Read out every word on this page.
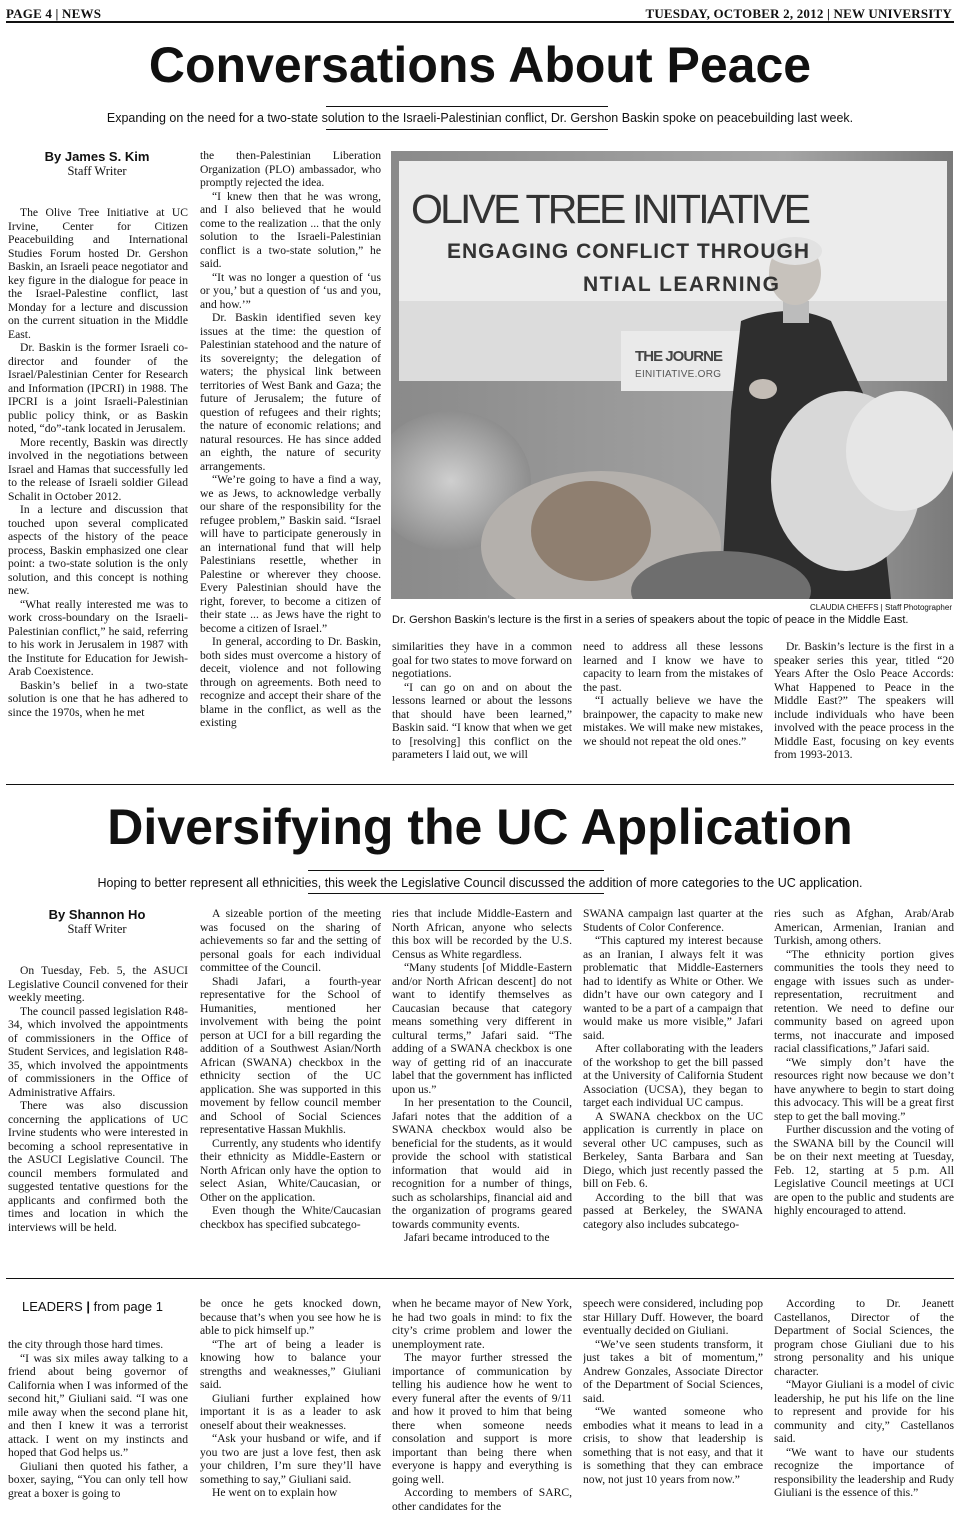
PAGE 4 | NEWS	TUESDAY, OCTOBER 2, 2012 | NEW UNIVERSITY
Conversations About Peace
Expanding on the need for a two-state solution to the Israeli-Palestinian conflict, Dr. Gershon Baskin spoke on peacebuilding last week.
By James S. Kim
Staff Writer

The Olive Tree Initiative at UC Irvine, Center for Citizen Peacebuilding and International Studies Forum hosted Dr. Gershon Baskin, an Israeli peace negotiator and key figure in the dialogue for peace in the Israel-Palestine conflict, last Monday for a lecture and discussion on the current situation in the Middle East.

Dr. Baskin is the former Israeli co-director and founder of the Israel/Palestinian Center for Research and Information (IPCRI) in 1988. The IPCRI is a joint Israeli-Palestinian public policy think, or as Baskin noted, “do”-tank located in Jerusalem.

More recently, Baskin was directly involved in the negotiations between Israel and Hamas that successfully led to the release of Israeli soldier Gilead Schalit in October 2012.

In a lecture and discussion that touched upon several complicated aspects of the history of the peace process, Baskin emphasized one clear point: a two-state solution is the only solution, and this concept is nothing new.

“What really interested me was to work cross-boundary on the Israeli-Palestinian conflict,” he said, referring to his work in Jerusalem in 1987 with the Institute for Education for Jewish-Arab Coexistence.

Baskin’s belief in a two-state solution is one that he has adhered to since the 1970s, when he met

the then-Palestinian Liberation Organization (PLO) ambassador, who promptly rejected the idea.

“I knew then that he was wrong, and I also believed that he would come to the realization ... that the only solution to the Israeli-Palestinian conflict is a two-state solution,” he said.

“It was no longer a question of ‘us or you,’ but a question of ‘us and you, and how.’”

Dr. Baskin identified seven key issues at the time: the question of Palestinian statehood and the nature of its sovereignty; the delegation of waters; the physical link between territories of West Bank and Gaza; the future of Jerusalem; the future of question of refugees and their rights; the nature of economic relations; and natural resources. He has since added an eighth, the nature of security arrangements.

“We’re going to have a find a way, we as Jews, to acknowledge verbally our share of the responsibility for the refugee problem,” Baskin said. “Israel will have to participate generously in an international fund that will help Palestinians resettle, whether in Palestine or wherever they choose. Every Palestinian should have the right, forever, to become a citizen of their state ... as Jews have the right to become a citizen of Israel.”

In general, according to Dr. Baskin, both sides must overcome a history of deceit, violence and not following through on agreements. Both need to recognize and accept their share of the blame in the conflict, as well as the existing

OLIVE TREE INITIATIVE
ENGAGING CONFLICT THROUGH
NTIAL LEARNING
THE JOURNE
EINITIATIVE.ORG
CLAUDIA CHEFFS | Staff Photographer
Dr. Gershon Baskin’s lecture is the first in a series of speakers about the topic of peace in the Middle East.

similarities they have in a common goal for two states to move forward on negotiations.

“I can go on and on about the lessons learned or about the lessons that should have been learned,” Baskin said. “I know that when we get to [resolving] this conflict on the parameters I laid out, we will

need to address all these lessons learned and I know we have to capacity to learn from the mistakes of the past.

“I actually believe we have the brainpower, the capacity to make new mistakes. We will make new mistakes, we should not repeat the old ones.”

Dr. Baskin’s lecture is the first in a speaker series this year, titled “20 Years After the Oslo Peace Accords: What Happened to Peace in the Middle East?” The speakers will include individuals who have been involved with the peace process in the Middle East, focusing on key events from 1993-2013.

Diversifying the UC Application
Hoping to better represent all ethnicities, this week the Legislative Council discussed the addition of more categories to the UC application.
By Shannon Ho
Staff Writer

On Tuesday, Feb. 5, the ASUCI Legislative Council convened for their weekly meeting.

The council passed legislation R48-34, which involved the appointments of commissioners in the Office of Student Services, and legislation R48-35, which involved the appointments of commissioners in the Office of Administrative Affairs.

There was also discussion concerning the applications of UC Irvine students who were interested in becoming a school representative in the ASUCI Legislative Council. The council members formulated and suggested tentative questions for the applicants and confirmed both the times and location in which the interviews will be held.

A sizeable portion of the meeting was focused on the sharing of achievements so far and the setting of personal goals for each individual committee of the Council.

Shadi Jafari, a fourth-year representative for the School of Humanities, mentioned her involvement with being the point person at UCI for a bill regarding the addition of a Southwest Asian/North African (SWANA) checkbox in the ethnicity section of the UC application. She was supported in this movement by fellow council member and School of Social Sciences representative Hassan Mukhlis.

Currently, any students who identify their ethnicity as Middle-Eastern or North African only have the option to select Asian, White/Caucasian, or Other on the application.

Even though the White/Caucasian checkbox has specified subcatego-

ries that include Middle-Eastern and North African, anyone who selects this box will be recorded by the U.S. Census as White regardless.

“Many students [of Middle-Eastern and/or North African descent] do not want to identify themselves as Caucasian because that category means something very different in cultural terms,” Jafari said. “The adding of a SWANA checkbox is one way of getting rid of an inaccurate label that the government has inflicted upon us.”

In her presentation to the Council, Jafari notes that the addition of a SWANA checkbox would also be beneficial for the students, as it would provide the school with statistical information that would aid in recognition for a number of things, such as scholarships, financial aid and the organization of programs geared towards community events.

Jafari became introduced to the

SWANA campaign last quarter at the Students of Color Conference.

“This captured my interest because as an Iranian, I always felt it was problematic that Middle-Easterners had to identify as White or Other. We didn’t have our own category and I wanted to be a part of a campaign that would make us more visible,” Jafari said.

After collaborating with the leaders of the workshop to get the bill passed at the University of California Student Association (UCSA), they began to target each individual UC campus.

A SWANA checkbox on the UC application is currently in place on several other UC campuses, such as Berkeley, Santa Barbara and San Diego, which just recently passed the bill on Feb. 6.

According to the bill that was passed at Berkeley, the SWANA category also includes subcatego-

ries such as Afghan, Arab/Arab American, Armenian, Iranian and Turkish, among others.

“The ethnicity portion gives communities the tools they need to engage with issues such as under-representation, recruitment and retention. We need to define our community based on agreed upon terms, not inaccurate and imposed racial classifications,” Jafari said.

“We simply don’t have the resources right now because we don’t have anywhere to begin to start doing this advocacy. This will be a great first step to get the ball moving.”

Further discussion and the voting of the SWANA bill by the Council will be on their next meeting at Tuesday, Feb. 12, starting at 5 p.m. All Legislative Council meetings at UCI are open to the public and students are highly encouraged to attend.

LEADERS | from page 1

the city through those hard times.

“I was six miles away talking to a friend about being governor of California when I was informed of the second hit,” Giuliani said. “I was one mile away when the second plane hit, and then I knew it was a terrorist attack. I went on my instincts and hoped that God helps us.”

Giuliani then quoted his father, a boxer, saying, “You can only tell how great a boxer is going to

be once he gets knocked down, because that’s when you see how he is able to pick himself up.”

“The art of being a leader is knowing how to balance your strengths and weaknesses,” Giuliani said.

Giuliani further explained how important it is as a leader to ask oneself about their weaknesses.

“Ask your husband or wife, and if you two are just a love fest, then ask your children, I’m sure they’ll have something to say,” Giuliani said.

He went on to explain how

when he became mayor of New York, he had two goals in mind: to fix the city’s crime problem and lower the unemployment rate.

The mayor further stressed the importance of communication by telling his audience how he went to every funeral after the events of 9/11 and how it proved to him that being there when someone needs consolation and support is more important than being there when everyone is happy and everything is going well.

According to members of SARC, other candidates for the

speech were considered, including pop star Hillary Duff. However, the board eventually decided on Giuliani.

“We’ve seen students transform, it just takes a bit of momentum,” Andrew Gonzales, Associate Director of the Department of Social Sciences, said.

“We wanted someone who embodies what it means to lead in a crisis, to show that leadership is something that is not easy, and that it is something that they can embrace now, not just 10 years from now.”

According to Dr. Jeanett Castellanos, Director of the Department of Social Sciences, the program chose Giuliani due to his strong personality and his unique character.

“Mayor Giuliani is a model of civic leadership, he put his life on the line to represent and provide for his community and city,” Castellanos said.

“We want to have our students recognize the importance of responsibility the leadership and Rudy Giuliani is the essence of this.”
